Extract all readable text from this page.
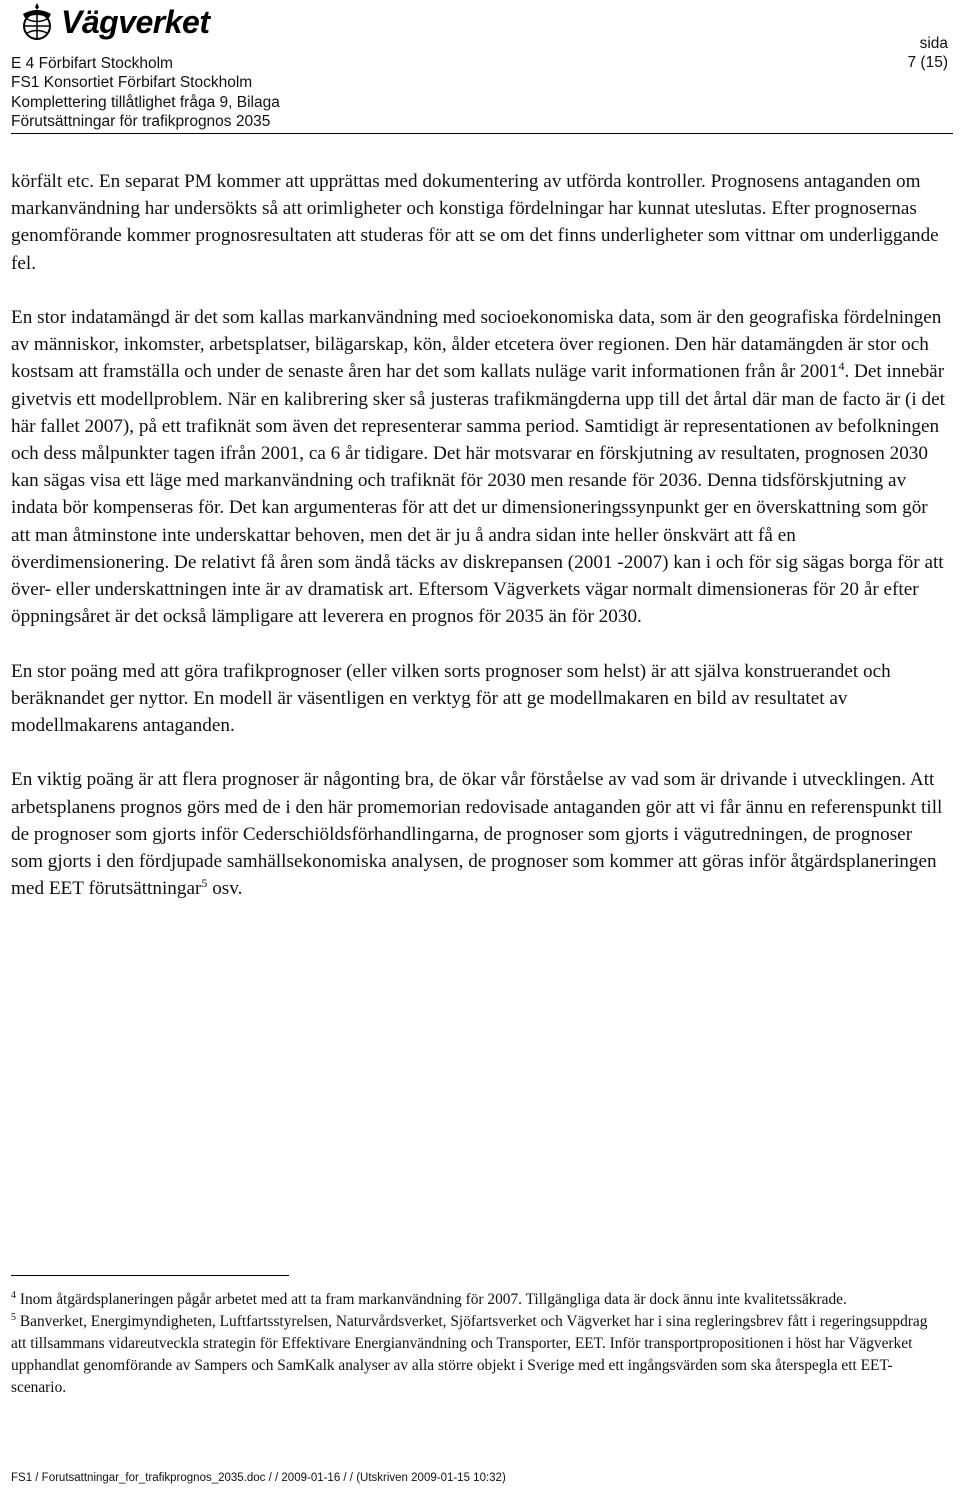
Vägverket
E 4 Förbifart Stockholm
FS1 Konsortiet Förbifart Stockholm
Komplettering tillåtlighet fråga 9, Bilaga
Förutsättningar för trafikprognos 2035
sida
7 (15)

körfält etc. En separat PM kommer att upprättas med dokumentering av utförda kontroller. Prognosens antaganden om markanvändning har undersökts så att orimligheter och konstiga fördelningar har kunnat uteslutas. Efter prognosernas genomförande kommer prognosresultaten att studeras för att se om det finns underligheter som vittnar om underliggande fel.

En stor indatamängd är det som kallas markanvändning med socioekonomiska data, som är den geografiska fördelningen av människor, inkomster, arbetsplatser, bilägarskap, kön, ålder etcetera över regionen. Den här datamängden är stor och kostsam att framställa och under de senaste åren har det som kallats nuläge varit informationen från år 2001$^4$. Det innebär givetvis ett modellproblem. När en kalibrering sker så justeras trafikmängderna upp till det årtal där man de facto är (i det här fallet 2007), på ett trafiknät som även det representerar samma period. Samtidigt är representationen av befolkningen och dess målpunkter tagen ifrån 2001, ca 6 år tidigare. Det här motsvarar en förskjutning av resultaten, prognosen 2030 kan sägas visa ett läge med markanvändning och trafiknät för 2030 men resande för 2036. Denna tidsförskjutning av indata bör kompenseras för. Det kan argumenteras för att det ur dimensioneringssynpunkt ger en överskattning som gör att man åtminstone inte underskattar behoven, men det är ju å andra sidan inte heller önskvärt att få en överdimensionering. De relativt få åren som ändå täcks av diskrepansen (2001 -2007) kan i och för sig sägas borga för att över- eller underskattningen inte är av dramatisk art. Eftersom Vägverkets vägar normalt dimensioneras för 20 år efter öppningsåret är det också lämpligare att leverera en prognos för 2035 än för 2030.

En stor poäng med att göra trafikprognoser (eller vilken sorts prognoser som helst) är att själva konstruerandet och beräknandet ger nyttor. En modell är väsentligen en verktyg för att ge modellmakaren en bild av resultatet av modellmakarens antaganden.

En viktig poäng är att flera prognoser är någonting bra, de ökar vår förståelse av vad som är drivande i utvecklingen. Att arbetsplanens prognos görs med de i den här promemorian redovisade antaganden gör att vi får ännu en referenspunkt till de prognoser som gjorts inför Cederschiöldsförhandlingarna, de prognoser som gjorts i vägutredningen, de prognoser som gjorts i den fördjupade samhällsekonomiska analysen, de prognoser som kommer att göras inför åtgärdsplaneringen med EET förutsättningar$^5$ osv.

$^4$ Inom åtgärdsplaneringen pågår arbetet med att ta fram markanvändning för 2007. Tillgängliga data är dock ännu inte kvalitetssäkrade.

$^5$ Banverket, Energimyndigheten, Luftfartsstyrelsen, Naturvårdsverket, Sjöfartsverket och Vägverket har i sina regleringsbrev fått i regeringsuppdrag att tillsammans vidareutveckla strategin för Effektivare Energianvändning och Transporter, EET. Inför transportpropositionen i höst har Vägverket upphandlat genomförande av Sampers och SamKalk analyser av alla större objekt i Sverige med ett ingångsvärden som ska återspegla ett EET-scenario.

FS1 / Forutsattningar_for_trafikprognos_2035.doc / / 2009-01-16 / / (Utskriven 2009-01-15 10:32)
